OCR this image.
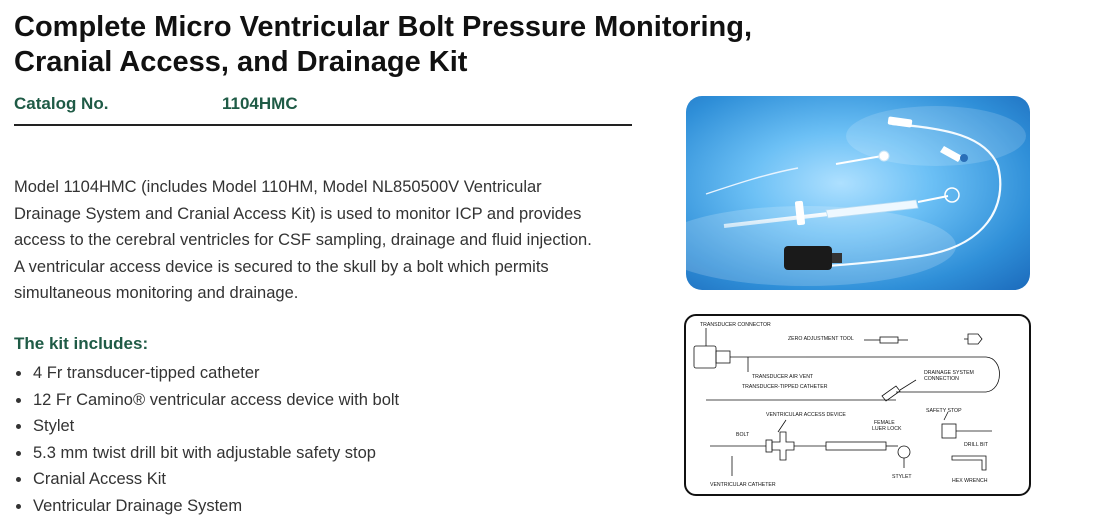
Complete Micro Ventricular Bolt Pressure Monitoring,
Cranial Access, and Drainage Kit
Catalog No.	1104HMC
Model 1104HMC (includes Model 110HM, Model NL850500V Ventricular
Drainage System and Cranial Access Kit) is used to monitor ICP and provides
access to the cerebral ventricles for CSF sampling, drainage and fluid injection.
A ventricular access device is secured to the skull by a bolt which permits
simultaneous monitoring and drainage.
The kit includes:
4 Fr transducer-tipped catheter
12 Fr Camino® ventricular access device with bolt
Stylet
5.3 mm twist drill bit with adjustable safety stop
Cranial Access Kit
Ventricular Drainage System
TRANSDUCER CONNECTOR
ZERO ADJUSTMENT TOOL
TRANSDUCER AIR VENT
TRANSDUCER-TIPPED CATHETER
DRAINAGE SYSTEM
CONNECTION
VENTRICULAR ACCESS DEVICE
SAFETY STOP
BOLT
FEMALE
LUER LOCK
DRILL BIT
VENTRICULAR CATHETER
STYLET
HEX WRENCH
